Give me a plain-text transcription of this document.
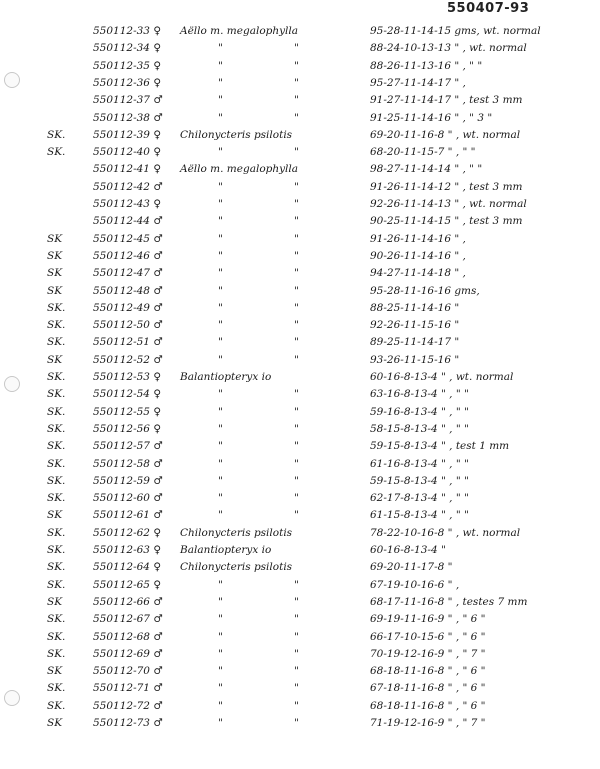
550407-93
550112-33 ♀	Aëllo m. megalophylla	95-28-11-14-15 gms, wt. normal
550112-34 ♀	" "	88-24-10-13-13 " , wt. normal
550112-35 ♀	" "	88-26-11-13-16 " , " "
550112-36 ♀	" "	95-27-11-14-17 " ,
550112-37 ♂	" "	91-27-11-14-17 " , test 3 mm
550112-38 ♂	" "	91-25-11-14-16 " , " 3 "
SK.	550112-39 ♀	Chilonycteris psilotis	69-20-11-16-8 " , wt. normal
SK.	550112-40 ♀	" "	68-20-11-15-7 " , " "
550112-41 ♀	Aëllo m. megalophylla	98-27-11-14-14 " , " "
550112-42 ♂	" "	91-26-11-14-12 " , test 3 mm
550112-43 ♀	" "	92-26-11-14-13 " , wt. normal
550112-44 ♂	" "	90-25-11-14-15 " , test 3 mm
SK	550112-45 ♂	" "	91-26-11-14-16 " ,
SK	550112-46 ♂	" "	90-26-11-14-16 " ,
SK	550112-47 ♂	" "	94-27-11-14-18 " ,
SK	550112-48 ♂	" "	95-28-11-16-16 gms,
SK.	550112-49 ♂	" "	88-25-11-14-16 "
SK.	550112-50 ♂	" "	92-26-11-15-16 "
SK.	550112-51 ♂	" "	89-25-11-14-17 "
SK	550112-52 ♂	" "	93-26-11-15-16 "
SK.	550112-53 ♀	Balantiopteryx io	60-16-8-13-4 " , wt. normal
SK.	550112-54 ♀	" "	63-16-8-13-4 " , " "
SK.	550112-55 ♀	" "	59-16-8-13-4 " , " "
SK.	550112-56 ♀	" "	58-15-8-13-4 " , " "
SK.	550112-57 ♂	" "	59-15-8-13-4 " , test 1 mm
SK.	550112-58 ♂	" "	61-16-8-13-4 " , " "
SK.	550112-59 ♂	" "	59-15-8-13-4 " , " "
SK.	550112-60 ♂	" "	62-17-8-13-4 " , " "
SK	550112-61 ♂	" "	61-15-8-13-4 " , " "
SK.	550112-62 ♀	Chilonycteris psilotis	78-22-10-16-8 " , wt. normal
SK.	550112-63 ♀	Balantiopteryx io	60-16-8-13-4 "
SK.	550112-64 ♀	Chilonycteris psilotis	69-20-11-17-8 "
SK.	550112-65 ♀	" "	67-19-10-16-6 " ,
SK	550112-66 ♂	" "	68-17-11-16-8 " , testes 7 mm
SK.	550112-67 ♂	" "	69-19-11-16-9 " , " 6 "
SK.	550112-68 ♂	" "	66-17-10-15-6 " , " 6 "
SK.	550112-69 ♂	" "	70-19-12-16-9 " , " 7 "
SK	550112-70 ♂	" "	68-18-11-16-8 " , " 6 "
SK.	550112-71 ♂	" "	67-18-11-16-8 " , " 6 "
SK.	550112-72 ♂	" "	68-18-11-16-8 " , " 6 "
SK	550112-73 ♂	" "	71-19-12-16-9 " , " 7 "
